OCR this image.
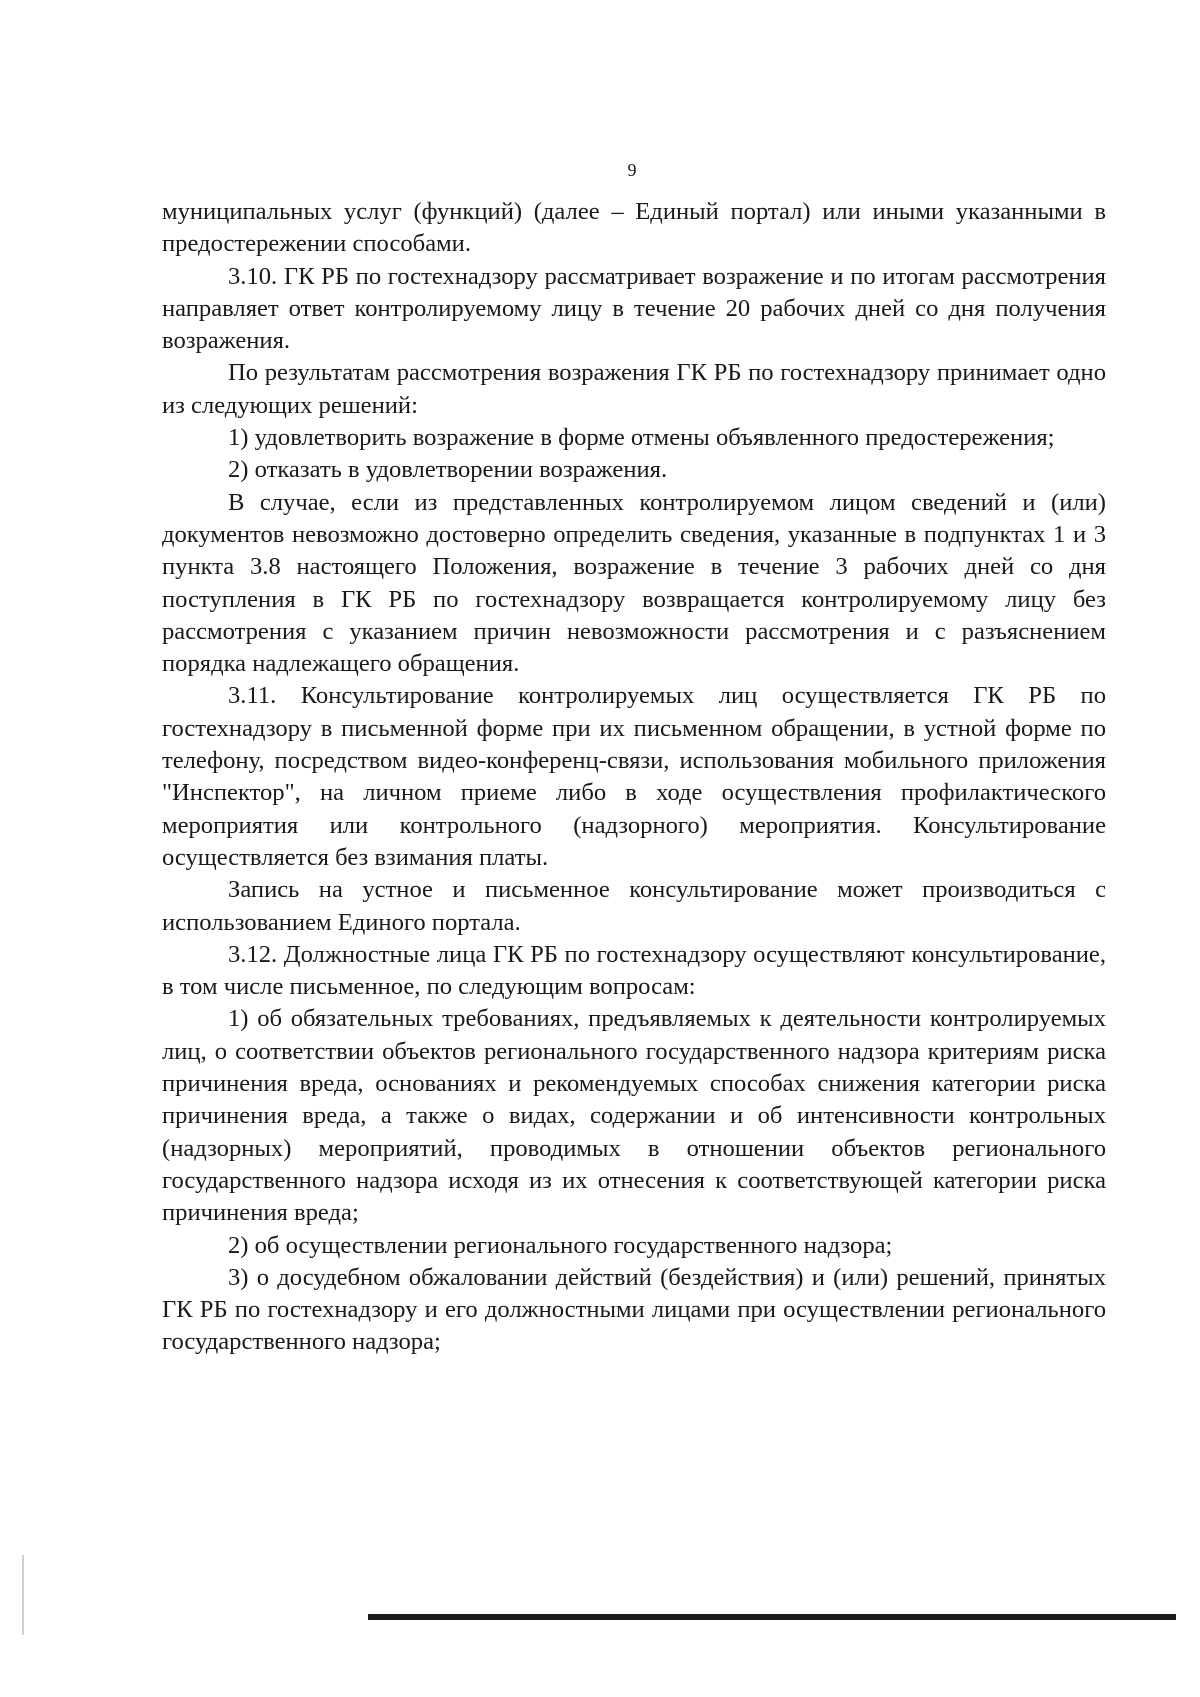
9

муниципальных услуг (функций) (далее – Единый портал) или иными указанными в предостережении способами.

3.10. ГК РБ по гостехнадзору рассматривает возражение и по итогам рассмотрения направляет ответ контролируемому лицу в течение 20 рабочих дней со дня получения возражения.

По результатам рассмотрения возражения ГК РБ по гостехнадзору принимает одно из следующих решений:

1) удовлетворить возражение в форме отмены объявленного предостережения;

2) отказать в удовлетворении возражения.

В случае, если из представленных контролируемом лицом сведений и (или) документов невозможно достоверно определить сведения, указанные в подпунктах 1 и 3 пункта 3.8 настоящего Положения, возражение в течение 3 рабочих дней со дня поступления в ГК РБ по гостехнадзору возвращается контролируемому лицу без рассмотрения с указанием причин невозможности рассмотрения и с разъяснением порядка надлежащего обращения.

3.11. Консультирование контролируемых лиц осуществляется ГК РБ по гостехнадзору в письменной форме при их письменном обращении, в устной форме по телефону, посредством видео-конференц-связи, использования мобильного приложения "Инспектор", на личном приеме либо в ходе осуществления профилактического мероприятия или контрольного (надзорного) мероприятия. Консультирование осуществляется без взимания платы.

Запись на устное и письменное консультирование может производиться с использованием Единого портала.

3.12. Должностные лица ГК РБ по гостехнадзору осуществляют консультирование, в том числе письменное, по следующим вопросам:

1) об обязательных требованиях, предъявляемых к деятельности контролируемых лиц, о соответствии объектов регионального государственного надзора критериям риска причинения вреда, основаниях и рекомендуемых способах снижения категории риска причинения вреда, а также о видах, содержании и об интенсивности контрольных (надзорных) мероприятий, проводимых в отношении объектов регионального государственного надзора исходя из их отнесения к соответствующей категории риска причинения вреда;

2) об осуществлении регионального государственного надзора;

3) о досудебном обжаловании действий (бездействия) и (или) решений, принятых ГК РБ по гостехнадзору и его должностными лицами при осуществлении регионального государственного надзора;
